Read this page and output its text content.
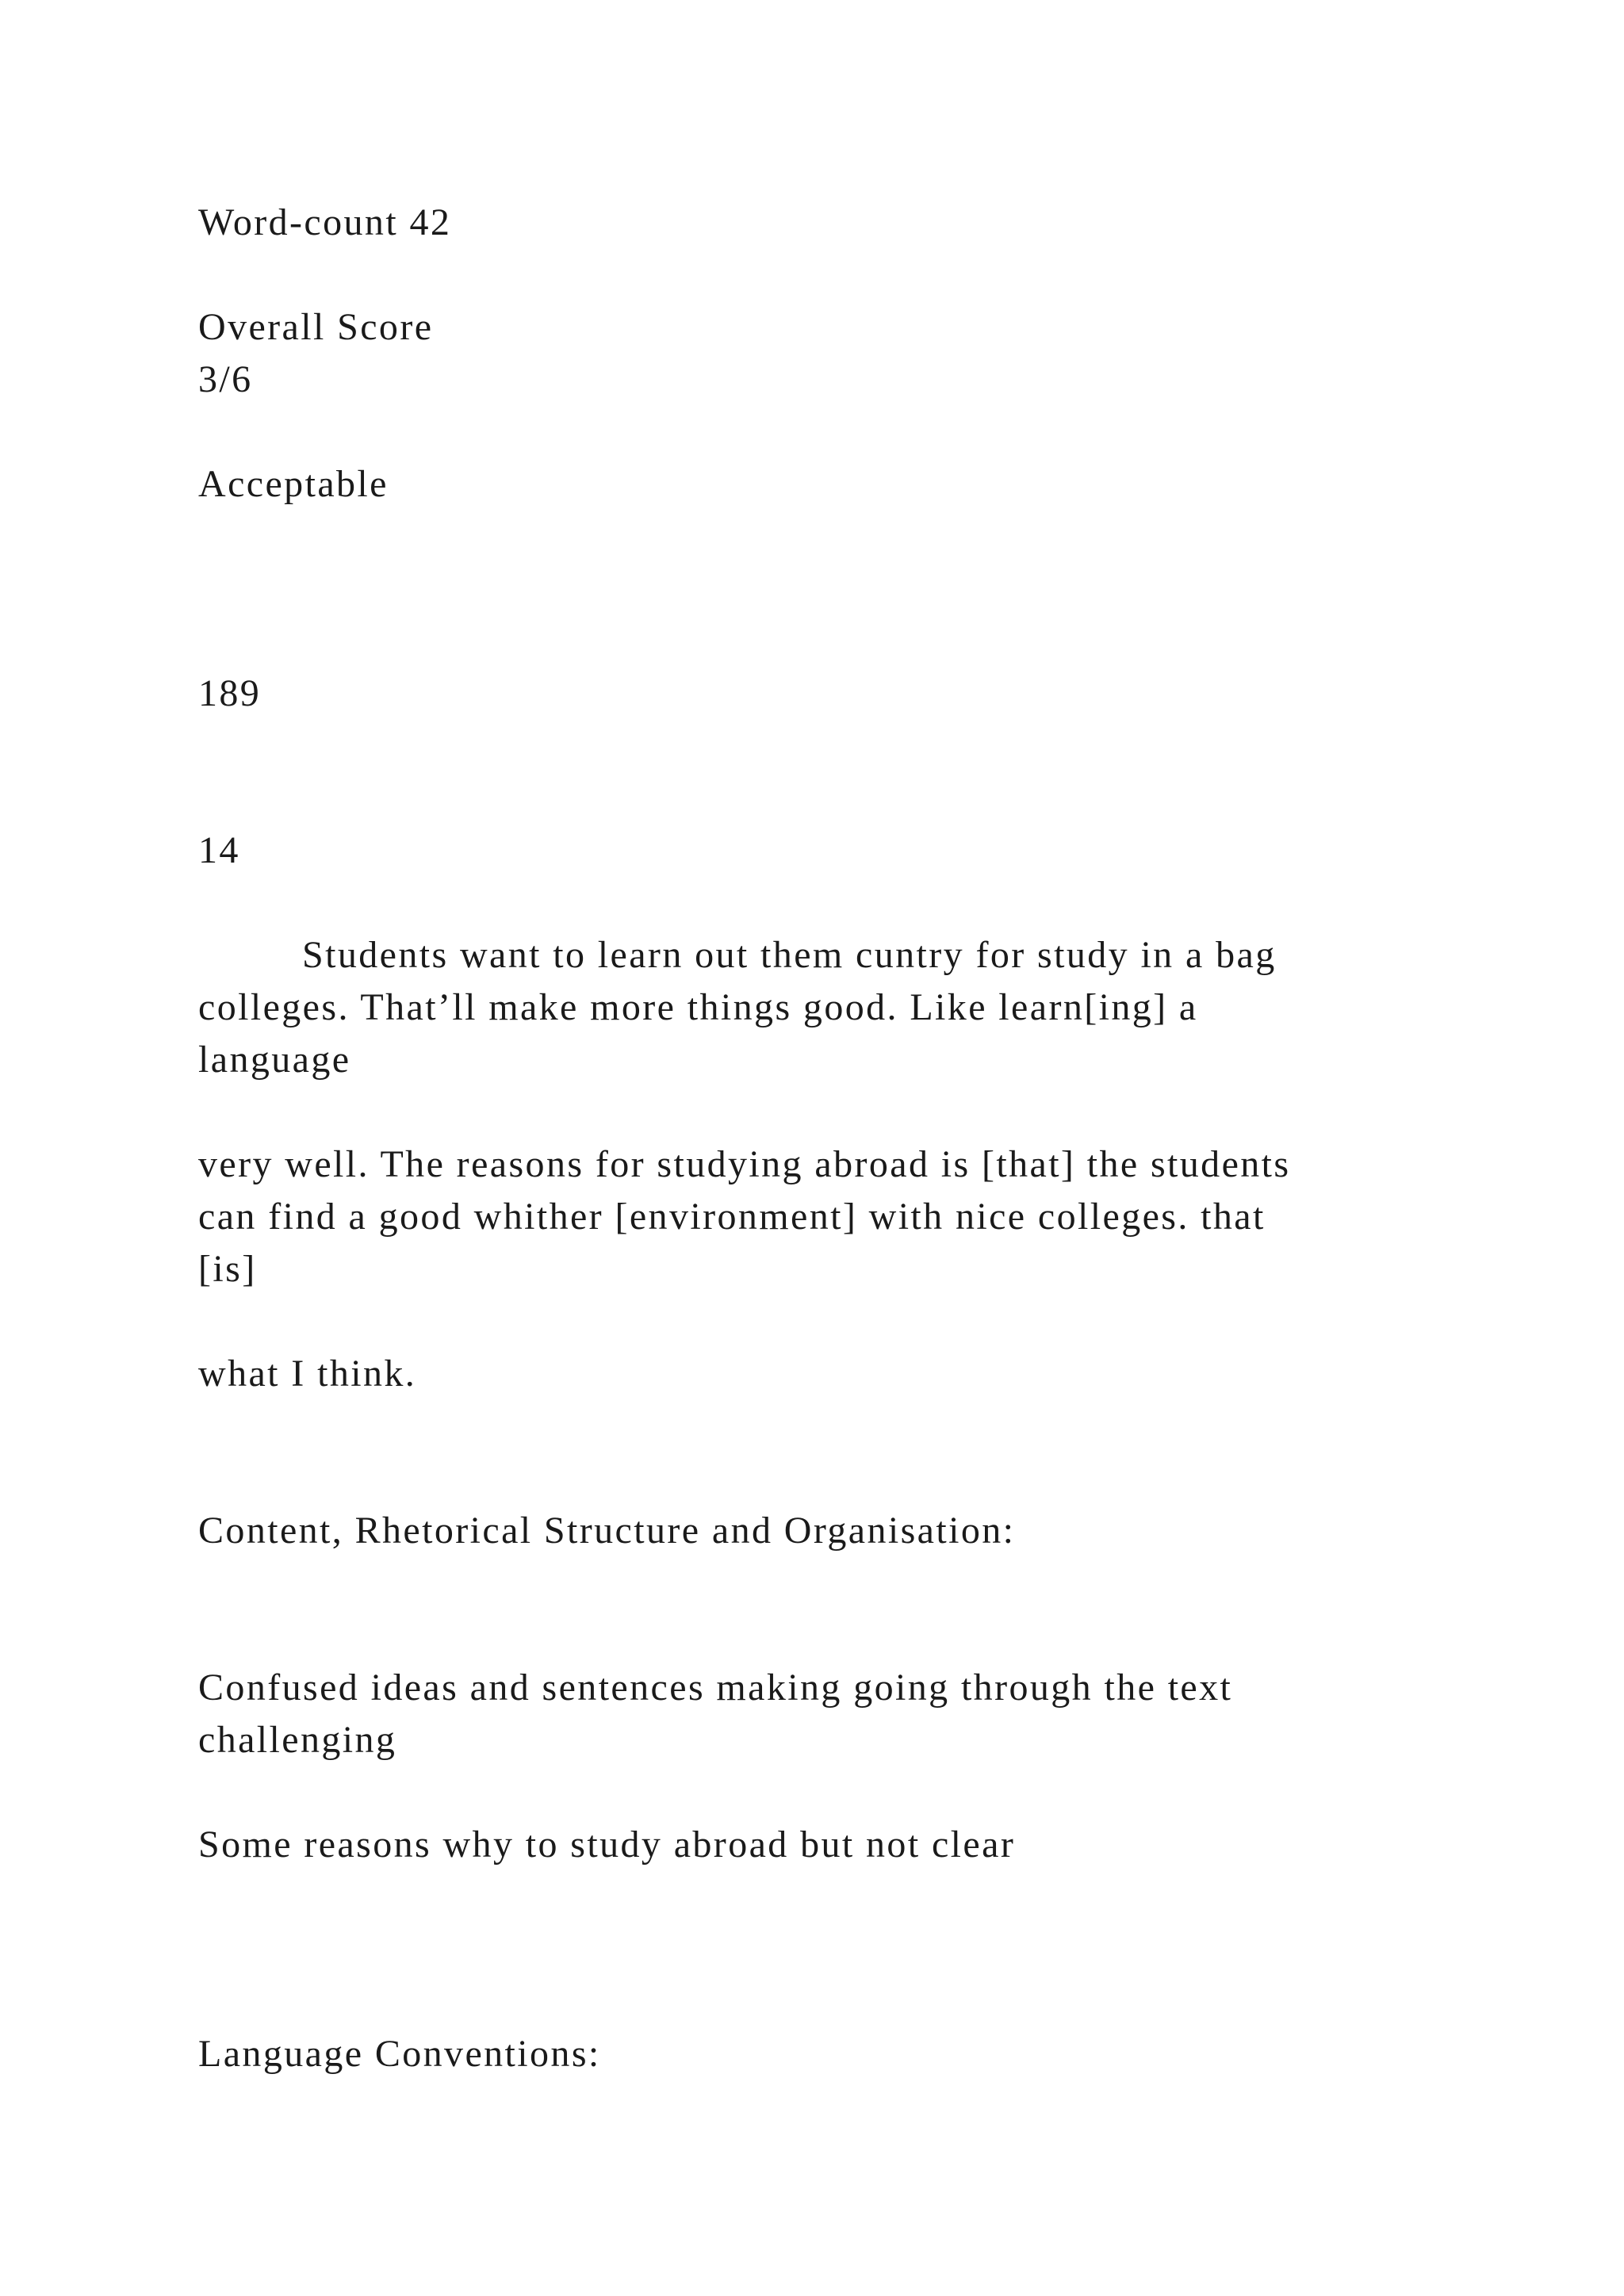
Word-count 42
Overall Score
3/6
Acceptable
189
14
Students want to learn out them cuntry for study in a bag
colleges. That’ll make more things good. Like learn[ing] a
language
very well. The reasons for studying abroad is [that] the students
can find a good whither [environment] with nice colleges. that
[is]
what I think.
Content, Rhetorical Structure and Organisation:
Confused ideas and sentences making going through the text
challenging
Some reasons why to study abroad but not clear
Language Conventions:
